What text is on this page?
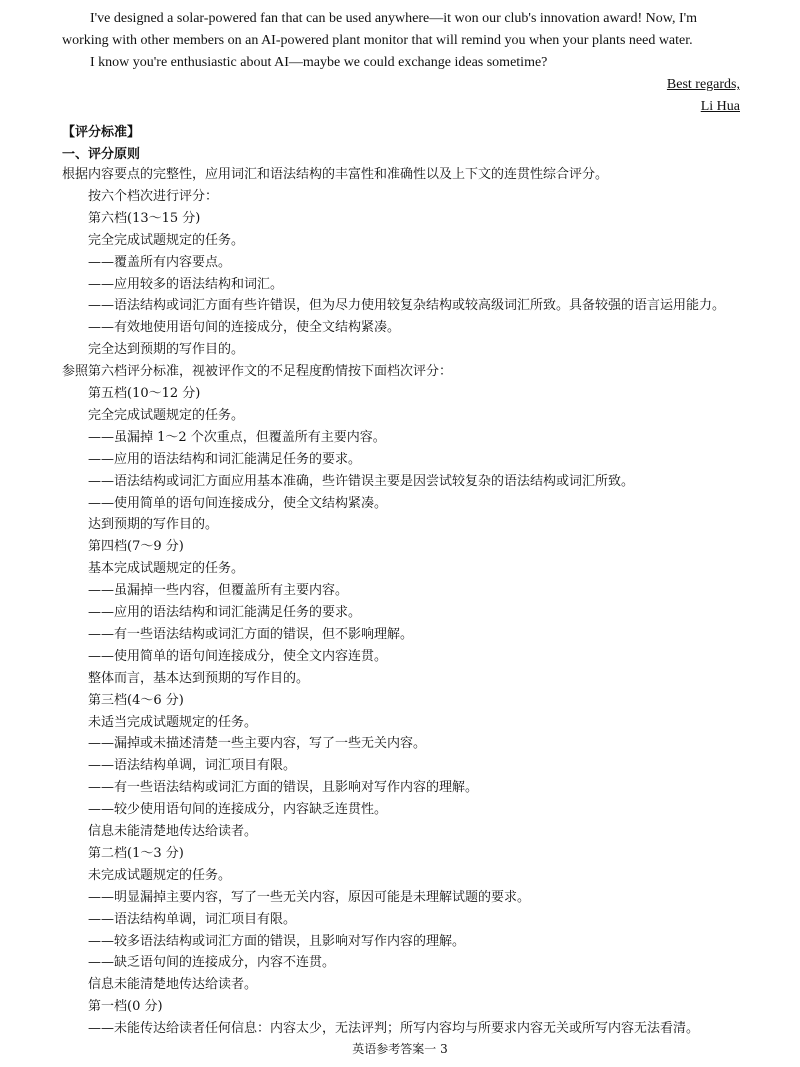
I've designed a solar-powered fan that can be used anywhere—it won our club's innovation award! Now, I'm working with other members on an AI-powered plant monitor that will remind you when your plants need water.

I know you're enthusiastic about AI—maybe we could exchange ideas sometime?

Best regards,
Li Hua
【评分标准】
一、评分原则
根据内容要点的完整性，应用词汇和语法结构的丰富性和准确性以及上下文的连贯性综合评分。
按六个档次进行评分：
第六档(13～15 分)
完全完成试题规定的任务。
——覆盖所有内容要点。
——应用较多的语法结构和词汇。
——语法结构或词汇方面有些许错误，但为尽力使用较复杂结构或较高级词汇所致。具备较强的语言运用能力。
——有效地使用语句间的连接成分，使全文结构紧凑。
完全达到预期的写作目的。
参照第六档评分标准，视被评作文的不足程度酌情按下面档次评分：
第五档(10～12 分)
完全完成试题规定的任务。
——虽漏掉 1～2 个次重点，但覆盖所有主要内容。
——应用的语法结构和词汇能满足任务的要求。
——语法结构或词汇方面应用基本准确，些许错误主要是因尝试较复杂的语法结构或词汇所致。
——使用简单的语句间连接成分，使全文结构紧凑。
达到预期的写作目的。
第四档(7～9 分)
基本完成试题规定的任务。
——虽漏掉一些内容，但覆盖所有主要内容。
——应用的语法结构和词汇能满足任务的要求。
——有一些语法结构或词汇方面的错误，但不影响理解。
——使用简单的语句间连接成分，使全文内容连贯。
整体而言，基本达到预期的写作目的。
第三档(4～6 分)
未适当完成试题规定的任务。
——漏掉或未描述清楚一些主要内容，写了一些无关内容。
——语法结构单调，词汇项目有限。
——有一些语法结构或词汇方面的错误，且影响对写作内容的理解。
——较少使用语句间的连接成分，内容缺乏连贯性。
信息未能清楚地传达给读者。
第二档(1～3 分)
未完成试题规定的任务。
——明显漏掉主要内容，写了一些无关内容，原因可能是未理解试题的要求。
——语法结构单调，词汇项目有限。
——较多语法结构或词汇方面的错误，且影响对写作内容的理解。
——缺乏语句间的连接成分，内容不连贯。
信息未能清楚地传达给读者。
第一档(0 分)
——未能传达给读者任何信息：内容太少，无法评判；所写内容均与所要求内容无关或所写内容无法看清。
英语参考答案一 3
